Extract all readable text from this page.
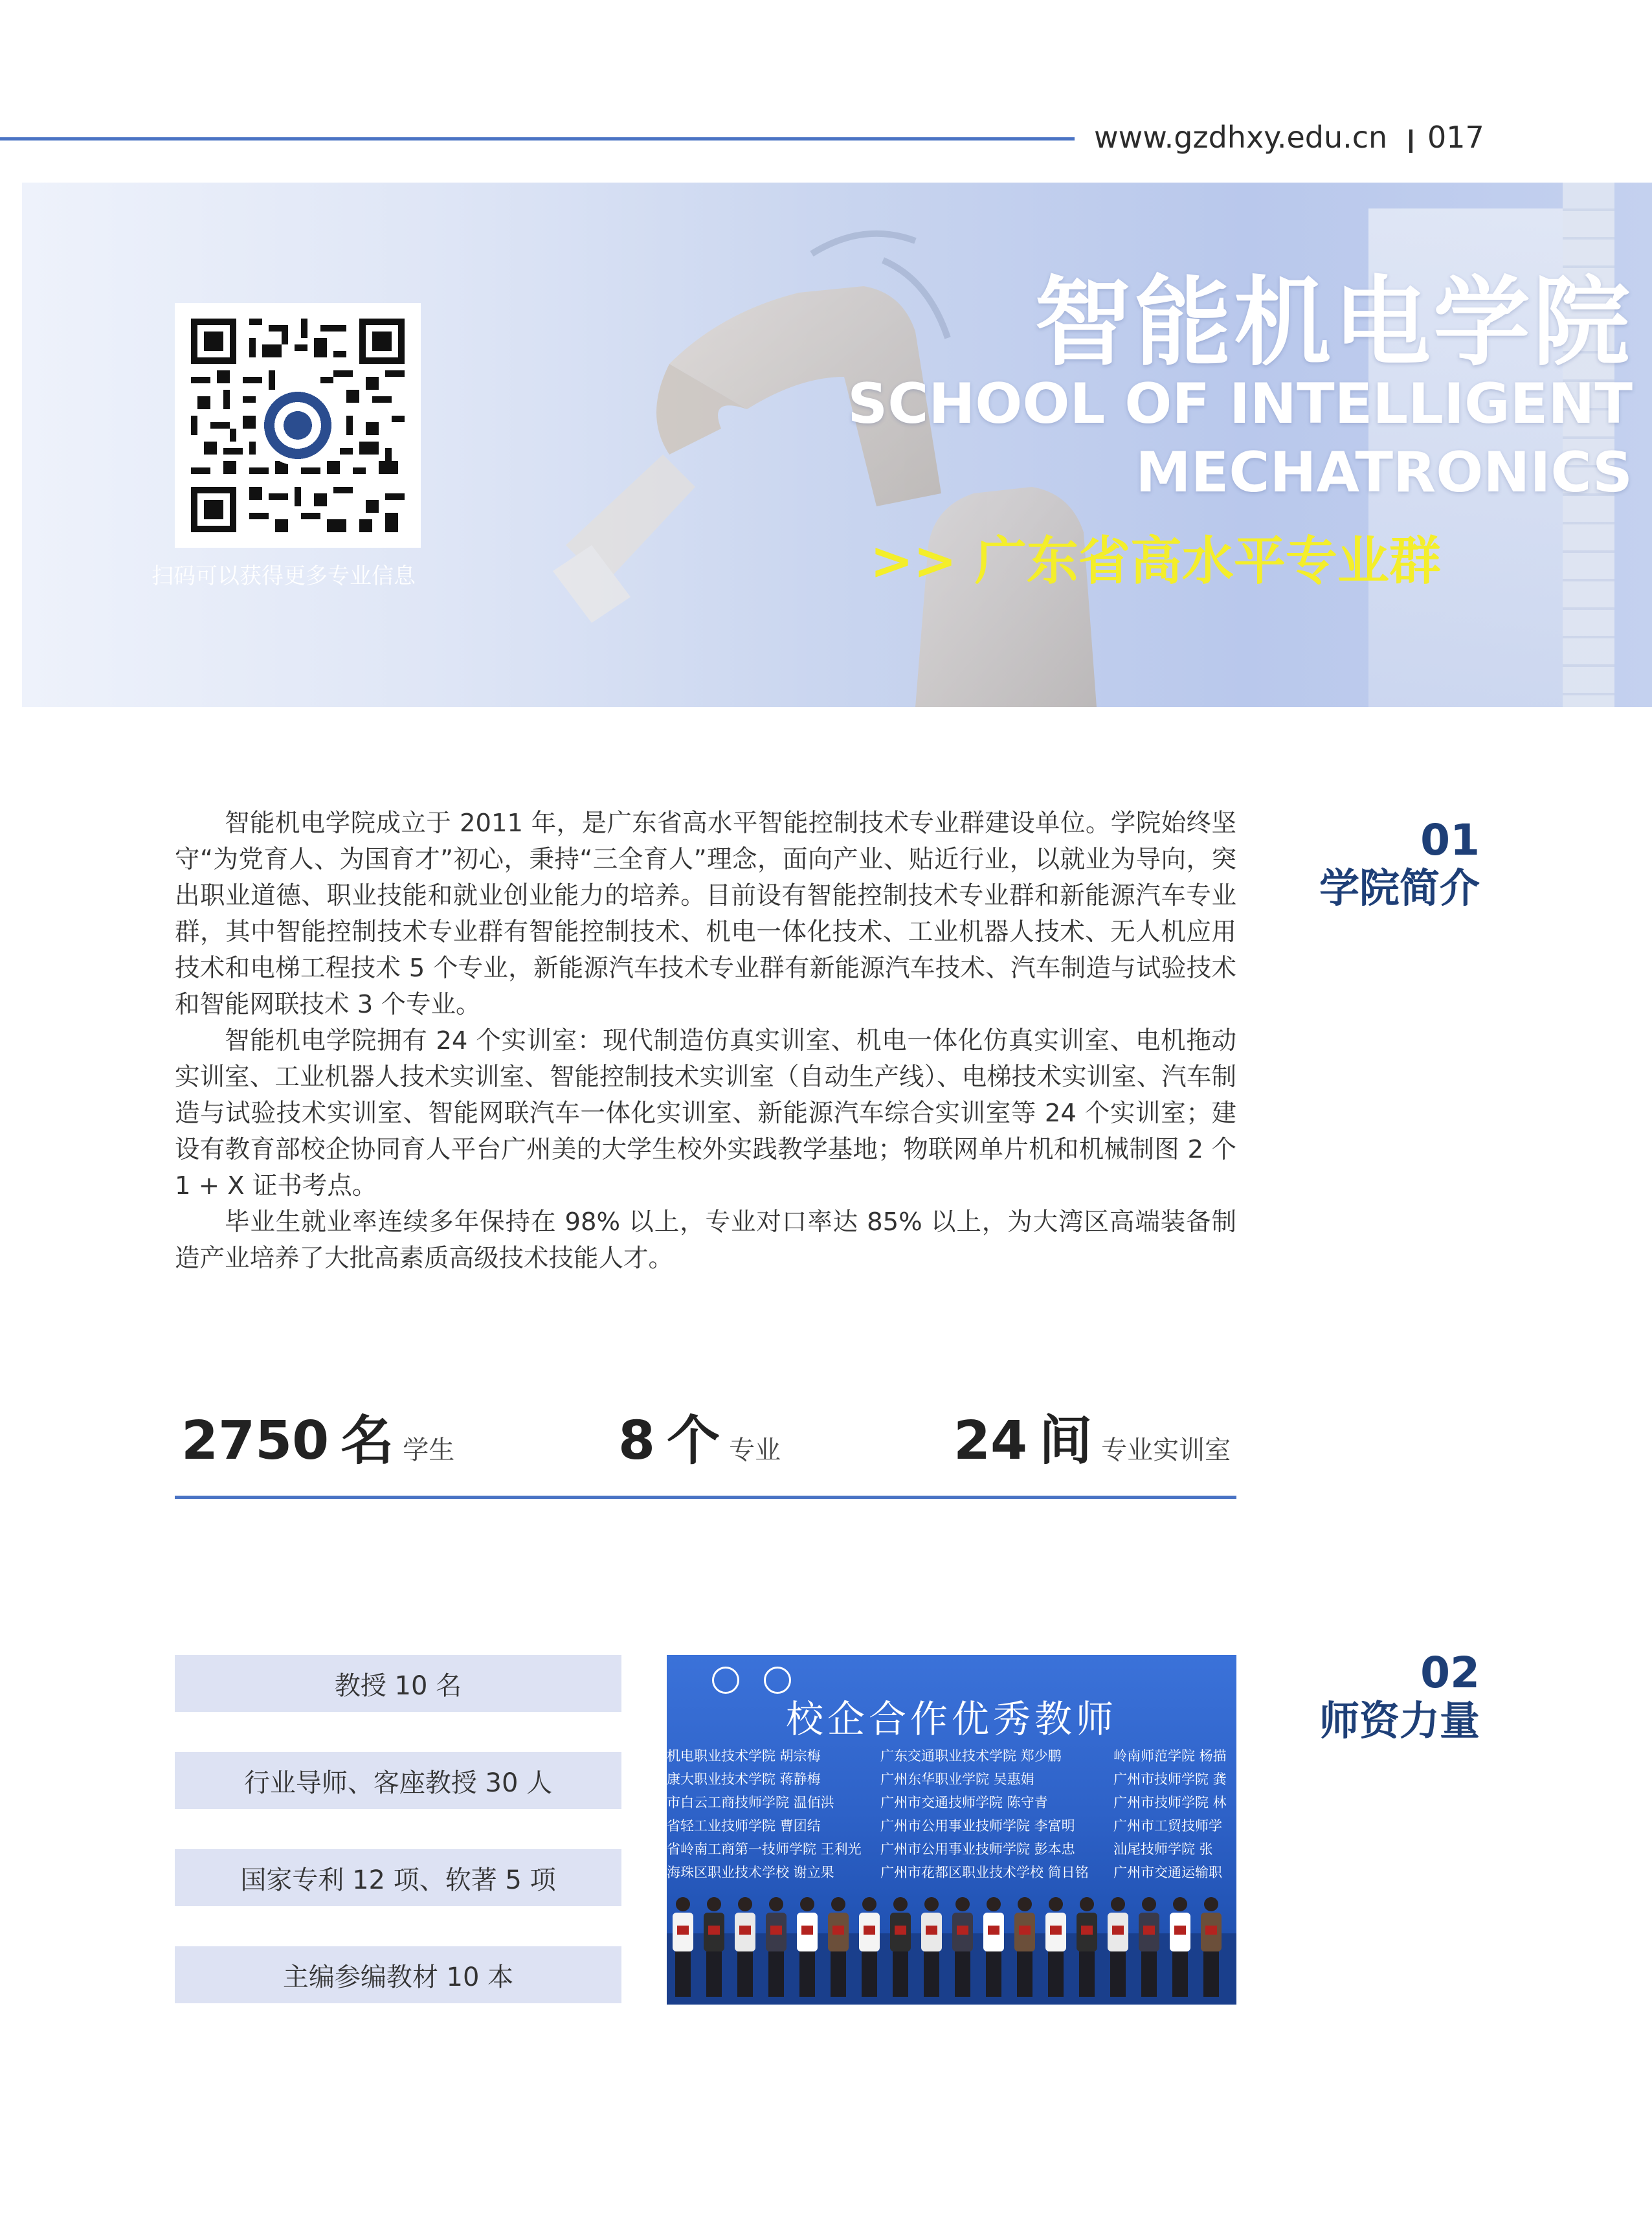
www.gzdhxy.edu.cn 017
扫码可以获得更多专业信息
智能机电学院
SCHOOL OF INTELLIGENT
MECHATRONICS
>> 广东省高水平专业群
01
学院简介

智能机电学院成立于 2011 年，是广东省高水平智能控制技术专业群建设单位。学院始终坚守“为党育人、为国育才”初心，秉持“三全育人”理念，面向产业、贴近行业，以就业为导向，突出职业道德、职业技能和就业创业能力的培养。目前设有智能控制技术专业群和新能源汽车专业群，其中智能控制技术专业群有智能控制技术、机电一体化技术、工业机器人技术、无人机应用技术和电梯工程技术 5 个专业，新能源汽车技术专业群有新能源汽车技术、汽车制造与试验技术和智能网联技术 3 个专业。

智能机电学院拥有 24 个实训室：现代制造仿真实训室、机电一体化仿真实训室、电机拖动实训室、工业机器人技术实训室、智能控制技术实训室（自动生产线）、电梯技术实训室、汽车制造与试验技术实训室、智能网联汽车一体化实训室、新能源汽车综合实训室等 24 个实训室；建设有教育部校企协同育人平台广州美的大学生校外实践教学基地；物联网单片机和机械制图 2 个 1 + X 证书考点。

毕业生就业率连续多年保持在 98% 以上，专业对口率达 85% 以上，为大湾区高端装备制造产业培养了大批高素质高级技术技能人才。

2750 名 学生	8 个 专业	24 间 专业实训室
02
师资力量
教授 10 名
行业导师、客座教授 30 人
国家专利 12 项、软著 5 项
主编参编教材 10 本
校企合作优秀教师
机电职业技术学院 胡宗梅	广东交通职业技术学院 郑少鹏	岭南师范学院 杨描
康大职业技术学院 蒋静梅	广州东华职业学院 吴惠娟	广州市技师学院 龚
市白云工商技师学院 温佰洪	广州市交通技师学院 陈守青	广州市技师学院 林
省轻工业技师学院 曹团结	广州市公用事业技师学院 李富明	广州市工贸技师学
省岭南工商第一技师学院 王利光 广州市公用事业技师学院 彭本忠	汕尾技师学院 张
海珠区职业技术学校 谢立果	广州市花都区职业技术学校 简日铭 广州市交通运输职
